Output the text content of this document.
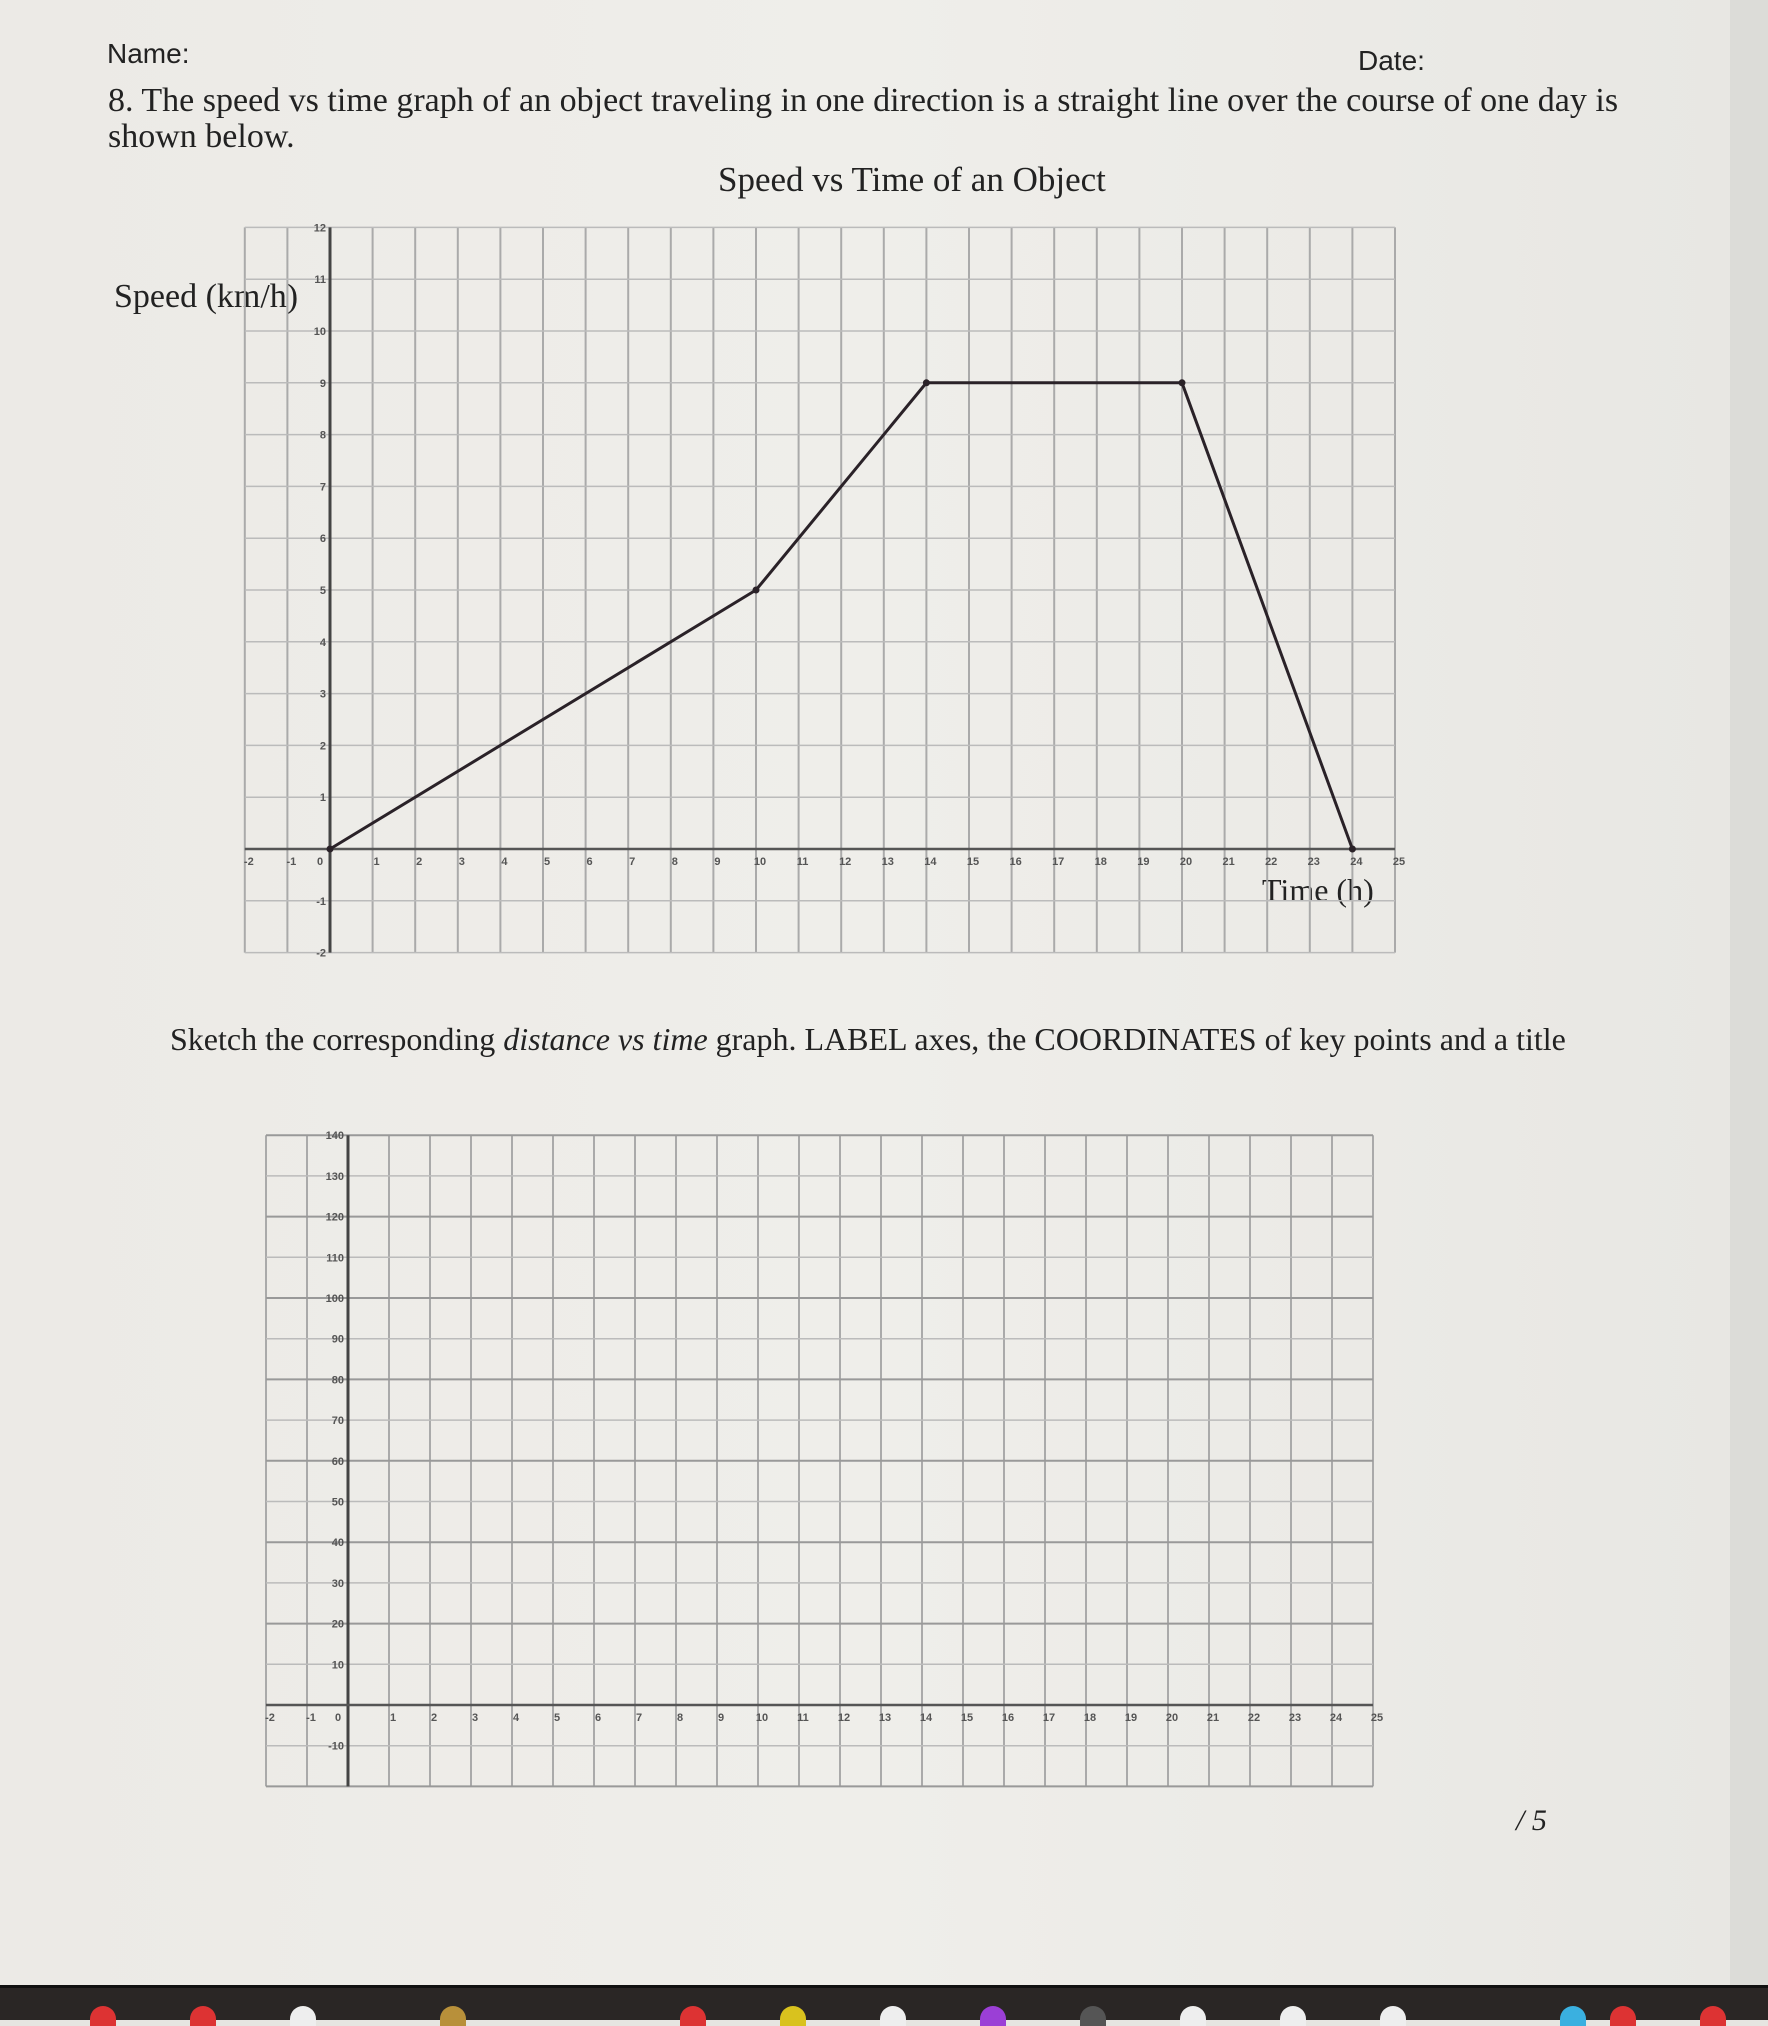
Name:	Date:
8. The speed vs time graph of an object traveling in one direction is a straight line over the course of one day is
shown below.
Speed vs Time of an Object
Speed (km/h)
Time (h)
Sketch the corresponding distance vs time graph. LABEL axes, the COORDINATES of key points and a title
/ 5
-2	-1 0	1	2	3	4	5	6	7	8	9	10	11	12	13	14	15	16	17	18	19	20	21	22	23	24	25
-2
-1
1
2
3
4
5
6
7
8
9
10
11
12
-2	-1 0	1	2	3	4	5	6	7	8	9	10	11	12	13	14	15	16	17	18	19	20	21	22	23	24	25
-10
10
20
30
40
50
60
70
80
90
100
110
120
130
140
